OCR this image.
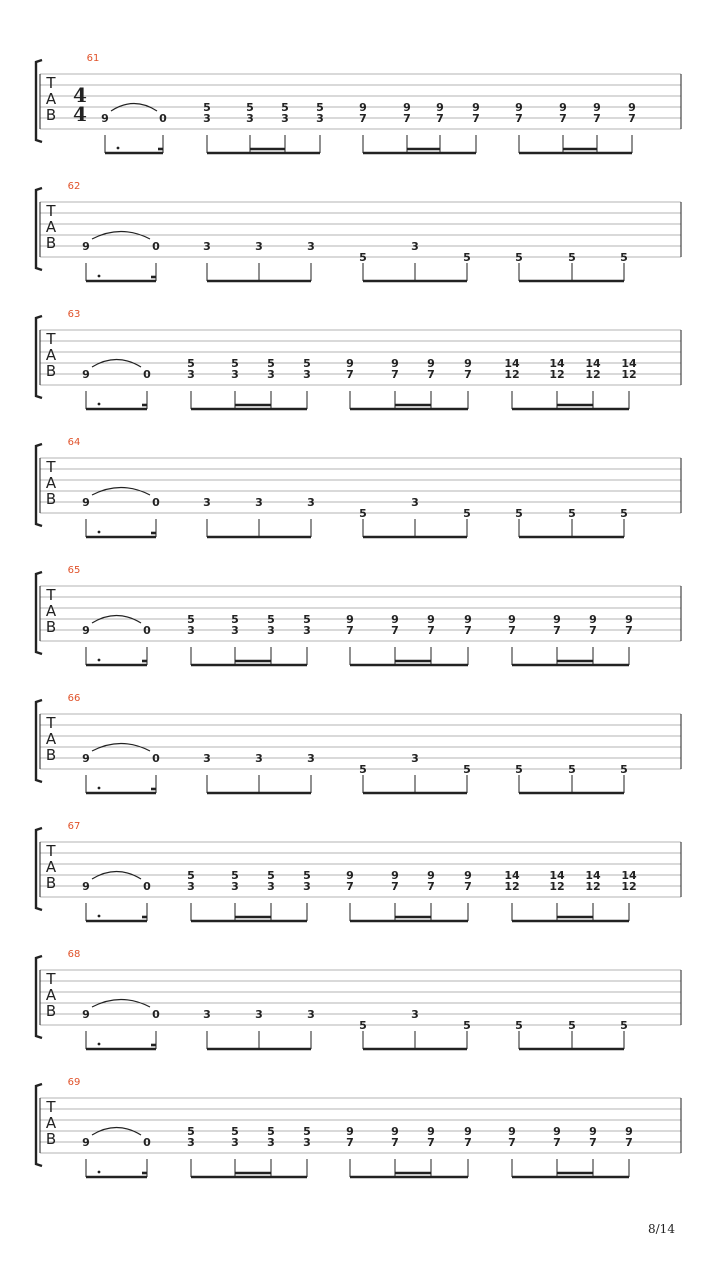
61
T
A
B
4
4 9	0
5
3
5
3
5
3
5
3
9
7
9
7
9
7
9
7
9
7
9
7
9
7
9
7
62
T
A
B 9	0	3	3	3
5
3
5	5	5	5
63
T
A
B 9	0
5
3
5
3
5
3
5
3
9
7
9
7
9
7
9
7
14
12
14
12
14
12
14
12
64
T
A
B 9	0	3	3	3
5
3
5	5	5	5
65
T
A
B 9	0
5
3
5
3
5
3
5
3
9
7
9
7
9
7
9
7
9
7
9
7
9
7
9
7
66
T
A
B 9	0	3	3	3
5
3
5	5	5	5
67
T
A
B 9	0
5
3
5
3
5
3
5
3
9
7
9
7
9
7
9
7
14
12
14
12
14
12
14
12
68
T
A
B 9	0	3	3	3
5
3
5	5	5	5
69
T
A
B 9	0
5
3
5
3
5
3
5
3
9
7
9
7
9
7
9
7
9
7
9
7
9
7
9
7
8/14
